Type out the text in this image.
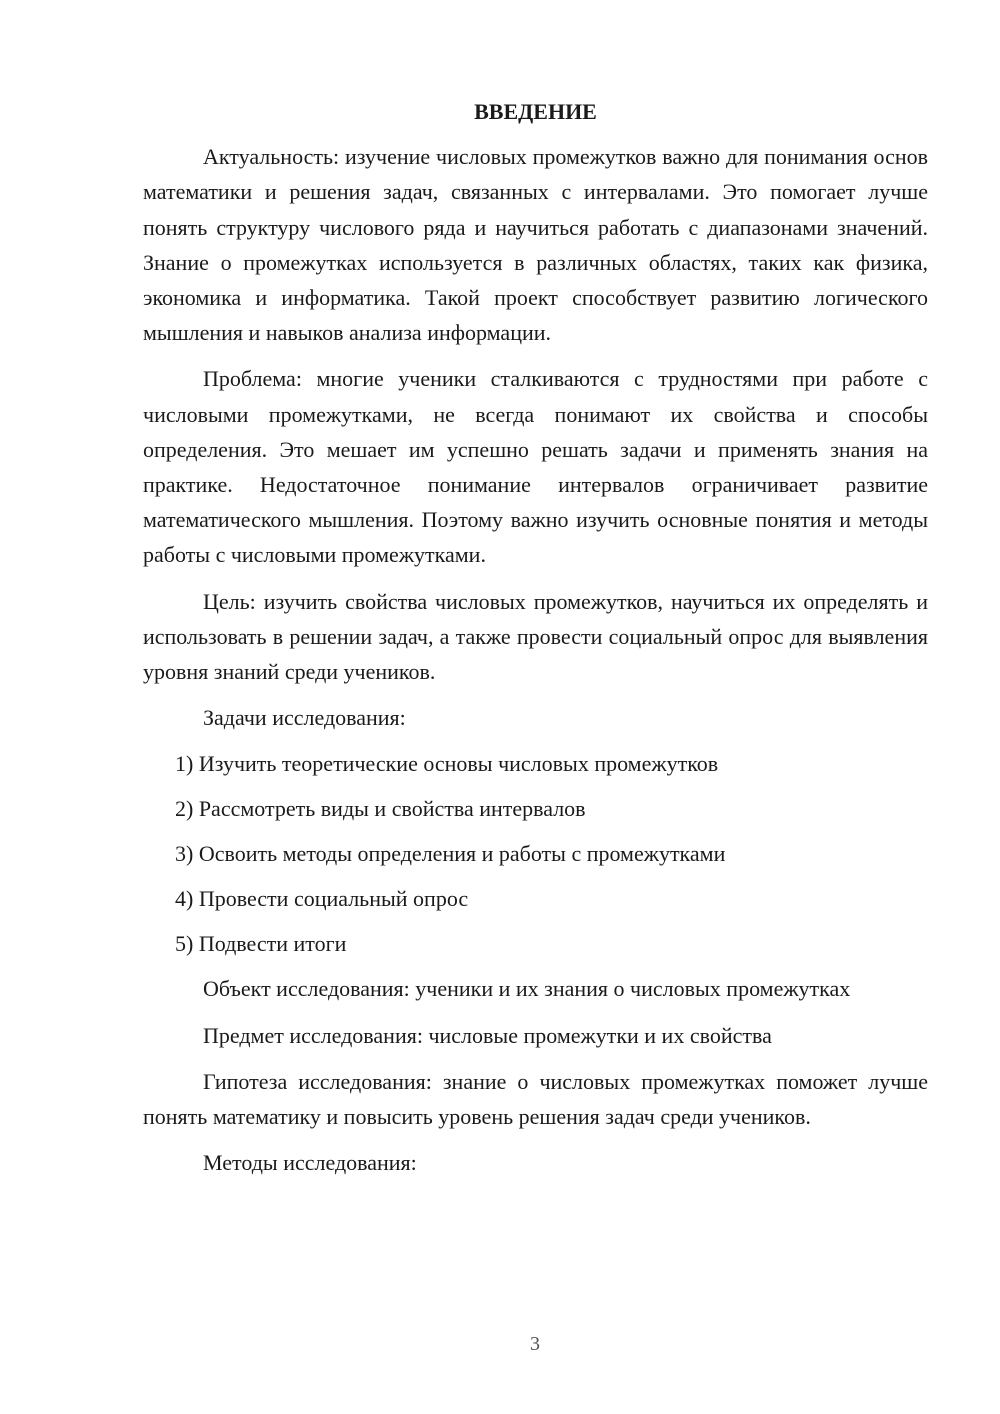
ВВЕДЕНИЕ

Актуальность: изучение числовых промежутков важно для понимания основ математики и решения задач, связанных с интервалами. Это помогает лучше понять структуру числового ряда и научиться работать с диапазонами значений. Знание о промежутках используется в различных областях, таких как физика, экономика и информатика. Такой проект способствует развитию логического мышления и навыков анализа информации.

Проблема: многие ученики сталкиваются с трудностями при работе с числовыми промежутками, не всегда понимают их свойства и способы определения. Это мешает им успешно решать задачи и применять знания на практике. Недостаточное понимание интервалов ограничивает развитие математического мышления. Поэтому важно изучить основные понятия и методы работы с числовыми промежутками.

Цель: изучить свойства числовых промежутков, научиться их определять и использовать в решении задач, а также провести социальный опрос для выявления уровня знаний среди учеников.

Задачи исследования:

1) Изучить теоретические основы числовых промежутков
2) Рассмотреть виды и свойства интервалов
3) Освоить методы определения и работы с промежутками
4) Провести социальный опрос
5) Подвести итоги

Объект исследования: ученики и их знания о числовых промежутках

Предмет исследования: числовые промежутки и их свойства

Гипотеза исследования: знание о числовых промежутках поможет лучше понять математику и повысить уровень решения задач среди учеников.

Методы исследования:

3
